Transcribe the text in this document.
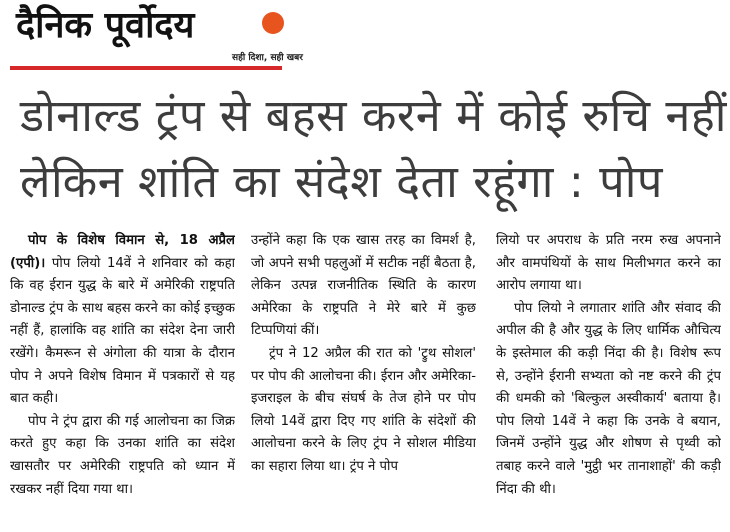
दैनिक पूर्वोदय
सही दिशा, सही खबर
डोनाल्ड ट्रंप से बहस करने में कोई रुचि नहीं
लेकिन शांति का संदेश देता रहूंगा : पोप

पोप के विशेष विमान से, 18 अप्रैल (एपी)। पोप लियो 14वें ने शनिवार को कहा कि वह ईरान युद्ध के बारे में अमेरिकी राष्ट्रपति डोनाल्ड ट्रंप के साथ बहस करने का कोई इच्छुक नहीं हैं, हालांकि वह शांति का संदेश देना जारी रखेंगे। कैमरून से अंगोला की यात्रा के दौरान पोप ने अपने विशेष विमान में पत्रकारों से यह बात कही।

पोप ने ट्रंप द्वारा की गई आलोचना का जिक्र करते हुए कहा कि उनका शांति का संदेश खासतौर पर अमेरिकी राष्ट्रपति को ध्यान में रखकर नहीं दिया गया था।

उन्होंने कहा कि एक खास तरह का विमर्श है, जो अपने सभी पहलुओं में सटीक नहीं बैठता है, लेकिन उत्पन्न राजनीतिक स्थिति के कारण अमेरिका के राष्ट्रपति ने मेरे बारे में कुछ टिप्पणियां कीं।

ट्रंप ने 12 अप्रैल की रात को 'ट्रुथ सोशल' पर पोप की आलोचना की। ईरान और अमेरिका-इजराइल के बीच संघर्ष के तेज होने पर पोप लियो 14वें द्वारा दिए गए शांति के संदेशों की आलोचना करने के लिए ट्रंप ने सोशल मीडिया का सहारा लिया था। ट्रंप ने पोप

लियो पर अपराध के प्रति नरम रुख अपनाने और वामपंथियों के साथ मिलीभगत करने का आरोप लगाया था।

पोप लियो ने लगातार शांति और संवाद की अपील की है और युद्ध के लिए धार्मिक औचित्य के इस्तेमाल की कड़ी निंदा की है। विशेष रूप से, उन्होंने ईरानी सभ्यता को नष्ट करने की ट्रंप की धमकी को 'बिल्कुल अस्वीकार्य' बताया है। पोप लियो 14वें ने कहा कि उनके वे बयान, जिनमें उन्होंने युद्ध और शोषण से पृथ्वी को तबाह करने वाले 'मुट्ठी भर तानाशाहों' की कड़ी निंदा की थी।
